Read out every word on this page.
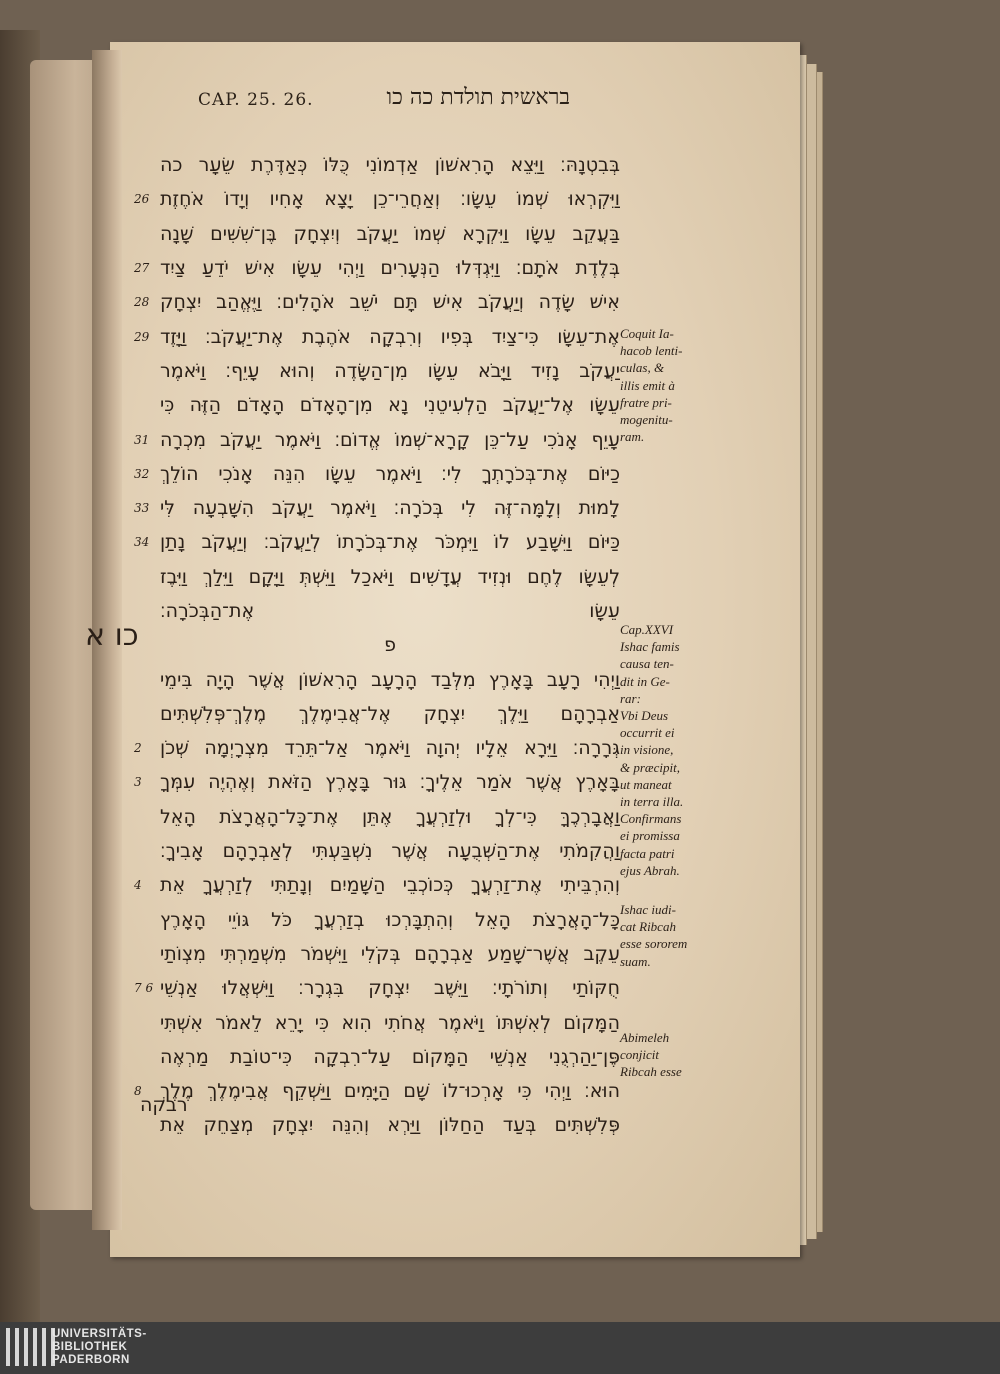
CAP. 25. 26.	בראשית תולדת כה כו
כו א
בְּבִטְנָהּ׃ וַיֵּצֵא הָרִאשׁוֹן אַדְמוֹנִי כֻּלּוֹ כְּאַדֶּרֶת שֵׂעָר כה
26 וַיִּקְרְאוּ שְׁמוֹ עֵשָׂו׃ וְאַחֲרֵי־כֵן יָצָא אָחִיו וְיָדוֹ אֹחֶזֶת
בַּעֲקֵב עֵשָׂו וַיִּקְרָא שְׁמוֹ יַעֲקֹב וְיִצְחָק בֶּן־שִׁשִּׁים שָׁנָה
27 בְּלֶדֶת אֹתָם׃ וַיִּגְדְּלוּ הַנְּעָרִים וַיְהִי עֵשָׂו אִישׁ יֹדֵעַ צַיִד
28 אִישׁ שָׂדֶה וְיַעֲקֹב אִישׁ תָּם יֹשֵׁב אֹהָלִים׃ וַיֶּאֱהַב יִצְחָק
29 אֶת־עֵשָׂו כִּי־צַיִד בְּפִיו וְרִבְקָה אֹהֶבֶת אֶת־יַעֲקֹב׃ וַיָּזֶד
יַעֲקֹב נָזִיד וַיָּבֹא עֵשָׂו מִן־הַשָּׂדֶה וְהוּא עָיֵף׃ וַיֹּאמֶר
עֵשָׂו אֶל־יַעֲקֹב הַלְעִיטֵנִי נָא מִן־הָאָדֹם הָאָדֹם הַזֶּה כִּי
31 עָיֵף אָנֹכִי עַל־כֵּן קָרָא־שְׁמוֹ אֱדוֹם׃ וַיֹּאמֶר יַעֲקֹב מִכְרָה
32 כַיּוֹם אֶת־בְּכֹרָתְךָ לִי׃ וַיֹּאמֶר עֵשָׂו הִנֵּה אָנֹכִי הוֹלֵךְ
33 לָמוּת וְלָמָּה־זֶּה לִי בְּכֹרָה׃ וַיֹּאמֶר יַעֲקֹב הִשָּׁבְעָה לִּי
34 כַּיּוֹם וַיִּשָּׁבַע לוֹ וַיִּמְכֹּר אֶת־בְּכֹרָתוֹ לְיַעֲקֹב׃ וְיַעֲקֹב נָתַן
לְעֵשָׂו לֶחֶם וּנְזִיד עֲדָשִׁים וַיֹּאכַל וַיֵּשְׁתְּ וַיָּקָם וַיֵּלַךְ וַיִּבֶז
עֵשָׂו אֶת־הַבְּכֹרָה׃
פ
וַיְהִי רָעָב בָּאָרֶץ מִלְּבַד הָרָעָב הָרִאשׁוֹן אֲשֶׁר הָיָה בִּימֵי
אַבְרָהָם וַיֵּלֶךְ יִצְחָק אֶל־אֲבִימֶלֶךְ מֶלֶךְ־פְּלִשְׁתִּים
2 גְּרָרָה׃ וַיֵּרָא אֵלָיו יְהוָה וַיֹּאמֶר אַל־תֵּרֵד מִצְרָיְמָה שְׁכֹן
3 בָּאָרֶץ אֲשֶׁר אֹמַר אֵלֶיךָ׃ גּוּר בָּאָרֶץ הַזֹּאת וְאֶהְיֶה עִמְּךָ
וַאֲבָרְכֶךָּ כִּי־לְךָ וּלְזַרְעֲךָ אֶתֵּן אֶת־כָּל־הָאֲרָצֹת הָאֵל
וַהֲקִמֹתִי אֶת־הַשְּׁבֻעָה אֲשֶׁר נִשְׁבַּעְתִּי לְאַבְרָהָם אָבִיךָ׃
4 וְהִרְבֵּיתִי אֶת־זַרְעֲךָ כְּכוֹכְבֵי הַשָּׁמַיִם וְנָתַתִּי לְזַרְעֲךָ אֵת
כָּל־הָאֲרָצֹת הָאֵל וְהִתְבָּרְכוּ בְזַרְעֲךָ כֹּל גּוֹיֵי הָאָרֶץ
עֵקֶב אֲשֶׁר־שָׁמַע אַבְרָהָם בְּקֹלִי וַיִּשְׁמֹר מִשְׁמַרְתִּי מִצְוֹתַי
7 6 חֻקּוֹתַי וְתוֹרֹתָי׃ וַיֵּשֶׁב יִצְחָק בִּגְרָר׃ וַיִּשְׁאֲלוּ אַנְשֵׁי
הַמָּקוֹם לְאִשְׁתּוֹ וַיֹּאמֶר אֲחֹתִי הִוא כִּי יָרֵא לֵאמֹר אִשְׁתִּי
פֶּן־יַהַרְגֻנִי אַנְשֵׁי הַמָּקוֹם עַל־רִבְקָה כִּי־טוֹבַת מַרְאֶה
8 הוּא׃ וַיְהִי כִּי אָרְכוּ־לוֹ שָׁם הַיָּמִים וַיַּשְׁקֵף אֲבִימֶלֶךְ מֶלֶךְ
פְּלִשְׁתִּים בְּעַד הַחַלּוֹן וַיַּרְא וְהִנֵּה יִצְחָק מְצַחֵק אֵת
Coquit Ia-
hacob lenti-
culas, &
illis emit à
fratre pri-
mogenitu-
ram.
Cap.XXVI
Ishac famis
causa ten-
dit in Ge-
rar:
Vbi Deus
occurrit ei
in visione,
& præcipit,
ut maneat
in terra illa.
Confirmans
ei promissa
facta patri
ejus Abrah.
Ishac iudi-
cat Ribcah
esse sororem
suam.
Abimeleh
conjicit
Ribcah esse
רבקה
UNIVERSITÄTS-
BIBLIOTHEK
PADERBORN
